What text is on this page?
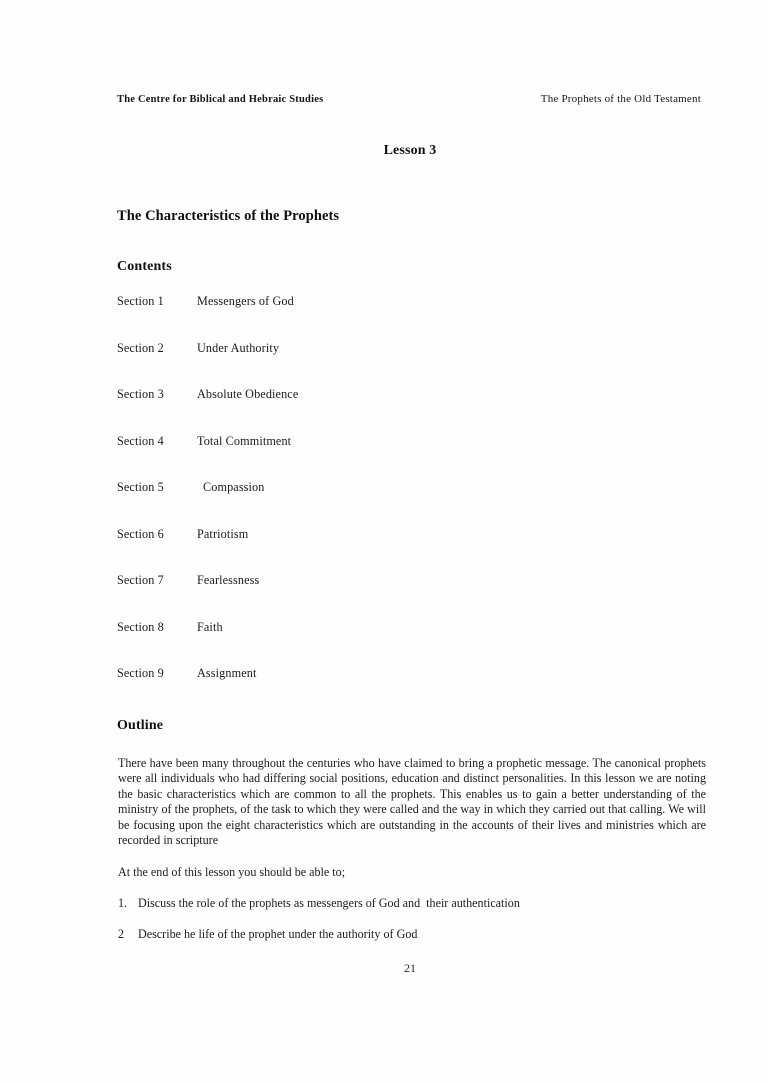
The Centre for Biblical and Hebraic Studies	The Prophets of the Old Testament
Lesson 3
The Characteristics of the Prophets
Contents
Section 1	Messengers of God
Section 2	Under Authority
Section 3	Absolute Obedience
Section 4	Total Commitment
Section 5	Compassion
Section 6	Patriotism
Section 7	Fearlessness
Section 8	Faith
Section 9	Assignment
Outline
There have been many throughout the centuries who have claimed to bring a prophetic message. The canonical prophets were all individuals who had differing social positions, education and distinct personalities. In this lesson we are noting the basic characteristics which are common to all the prophets. This enables us to gain a better understanding of the ministry of the prophets, of the task to which they were called and the way in which they carried out that calling. We will be focusing upon the eight characteristics which are outstanding in the accounts of their lives and ministries which are recorded in scripture
At the end of this lesson you should be able to;
1. Discuss the role of the prophets as messengers of God and  their authentication
2	Describe he life of the prophet under the authority of God
21
